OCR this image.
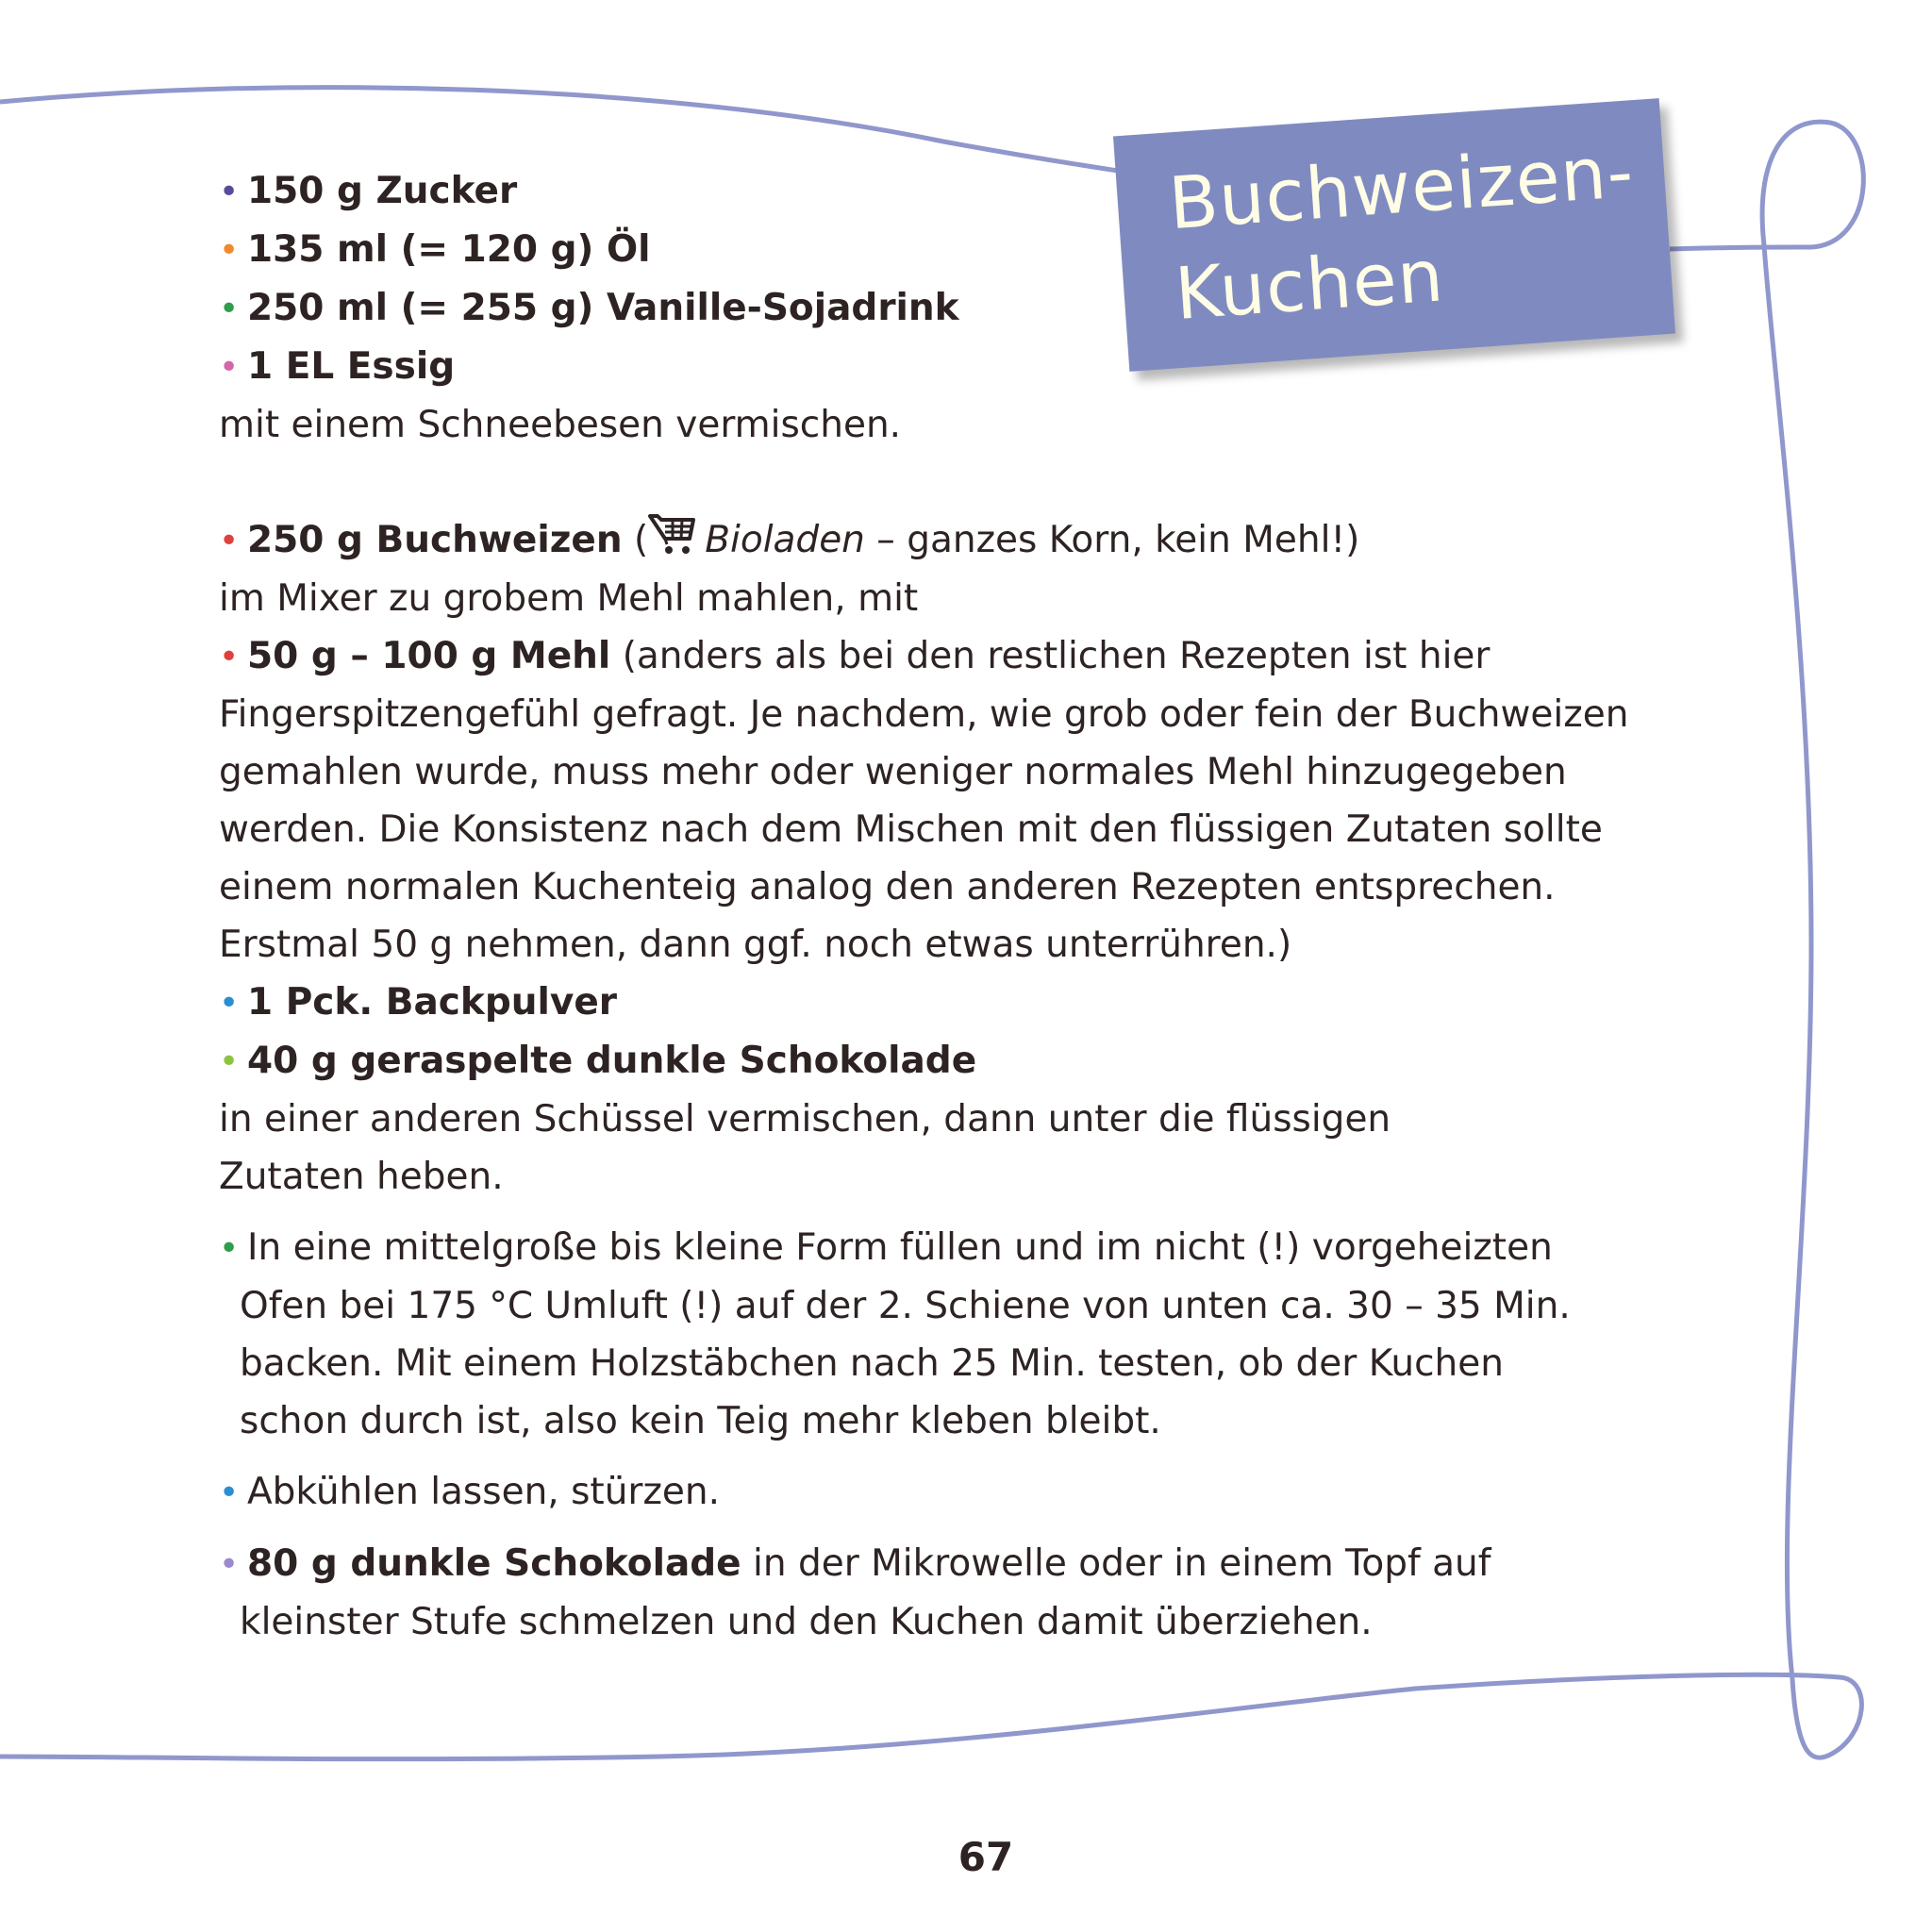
Buchweizen-
Kuchen
• 150 g Zucker
• 135 ml (= 120 g) Öl
• 250 ml (= 255 g) Vanille-Sojadrink
• 1 EL Essig
mit einem Schneebesen vermischen.
• 250 g Buchweizen ( Bioladen – ganzes Korn, kein Mehl!)
im Mixer zu grobem Mehl mahlen, mit
• 50 g – 100 g Mehl (anders als bei den restlichen Rezepten ist hier
Fingerspitzengefühl gefragt. Je nachdem, wie grob oder fein der Buchweizen
gemahlen wurde, muss mehr oder weniger normales Mehl hinzugegeben
werden. Die Konsistenz nach dem Mischen mit den flüssigen Zutaten sollte
einem normalen Kuchenteig analog den anderen Rezepten entsprechen.
Erstmal 50 g nehmen, dann ggf. noch etwas unterrühren.)
• 1 Pck. Backpulver
• 40 g geraspelte dunkle Schokolade
in einer anderen Schüssel vermischen, dann unter die flüssigen
Zutaten heben.
• In eine mittelgroße bis kleine Form füllen und im nicht (!) vorgeheizten
Ofen bei 175 °C Umluft (!) auf der 2. Schiene von unten ca. 30 – 35 Min.
backen. Mit einem Holzstäbchen nach 25 Min. testen, ob der Kuchen
schon durch ist, also kein Teig mehr kleben bleibt.
• Abkühlen lassen, stürzen.
• 80 g dunkle Schokolade in der Mikrowelle oder in einem Topf auf
kleinster Stufe schmelzen und den Kuchen damit überziehen.
67
